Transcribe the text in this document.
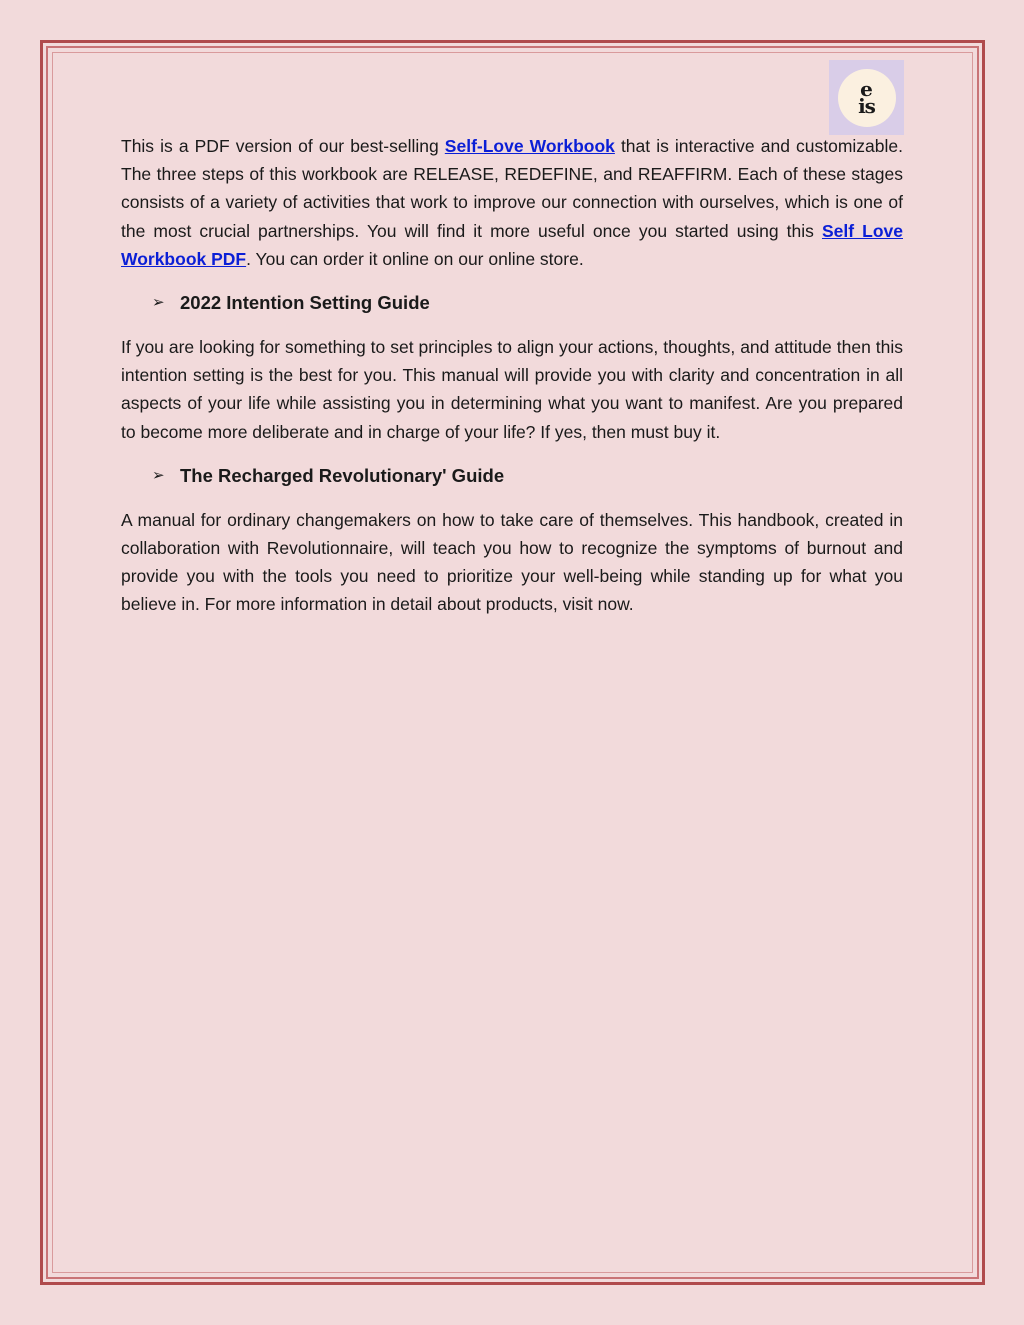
e
is

This is a PDF version of our best-selling Self-Love Workbook that is interactive and customizable. The three steps of this workbook are RELEASE, REDEFINE, and REAFFIRM. Each of these stages consists of a variety of activities that work to improve our connection with ourselves, which is one of the most crucial partnerships. You will find it more useful once you started using this Self Love Workbook PDF. You can order it online on our online store.

➢ 2022 Intention Setting Guide

If you are looking for something to set principles to align your actions, thoughts, and attitude then this intention setting is the best for you. This manual will provide you with clarity and concentration in all aspects of your life while assisting you in determining what you want to manifest. Are you prepared to become more deliberate and in charge of your life? If yes, then must buy it.

➢ The Recharged Revolutionary' Guide

A manual for ordinary changemakers on how to take care of themselves. This handbook, created in collaboration with Revolutionnaire, will teach you how to recognize the symptoms of burnout and provide you with the tools you need to prioritize your well-being while standing up for what you believe in. For more information in detail about products, visit now.
